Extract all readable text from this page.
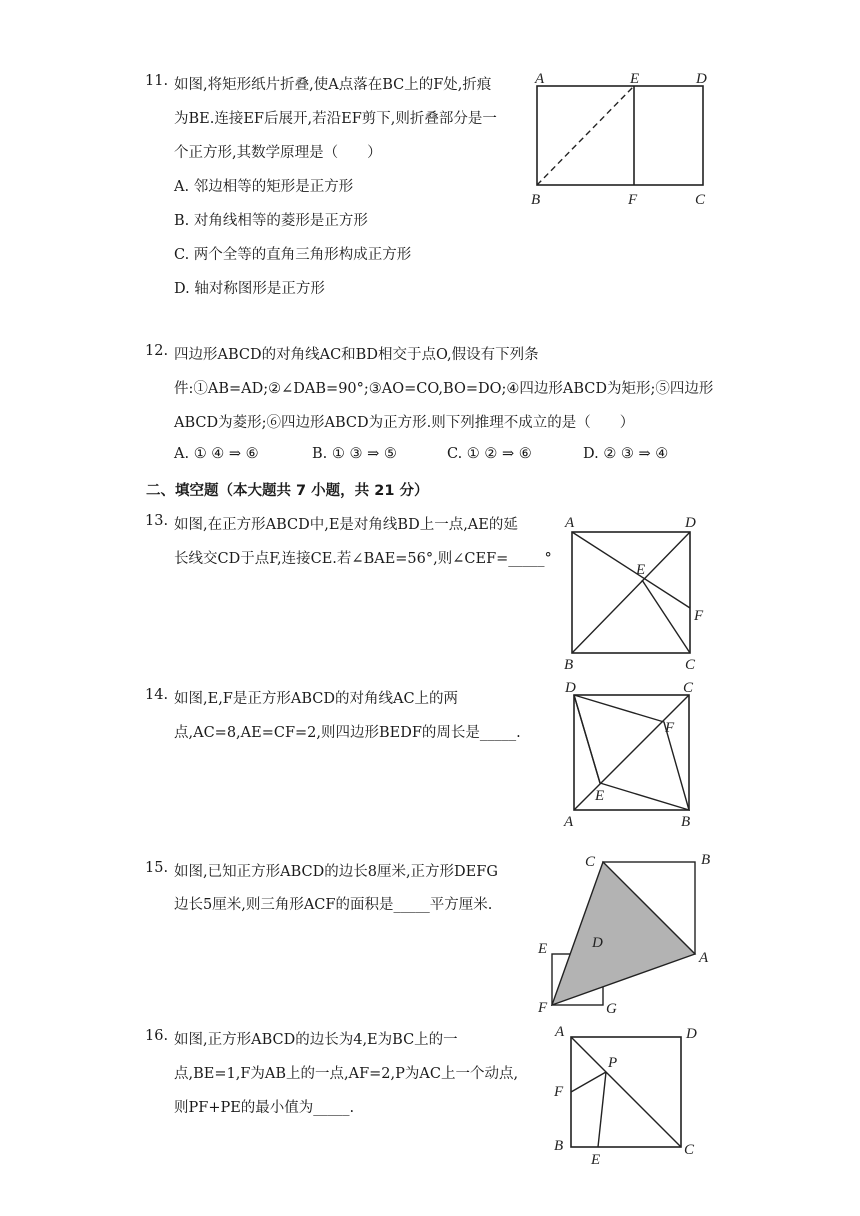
11. 如图,将矩形纸片折叠,使A点落在BC上的F处,折痕
为BE.连接EF后展开,若沿EF剪下,则折叠部分是一
个正方形,其数学原理是（　　）
A. 邻边相等的矩形是正方形
B. 对角线相等的菱形是正方形
C. 两个全等的直角三角形构成正方形
D. 轴对称图形是正方形
A	E	D
B	F	C
12. 四边形ABCD的对角线AC和BD相交于点O,假设有下列条
件:①AB=AD;②∠DAB=90°;③AO=CO,BO=DO;④四边形ABCD为矩形;⑤四边形
ABCD为菱形;⑥四边形ABCD为正方形.则下列推理不成立的是（　　）
A. ① ④ ⇒ ⑥	B. ① ③ ⇒ ⑤	C. ① ② ⇒ ⑥	D. ② ③ ⇒ ④
二、填空题（本大题共 7 小题，共 21 分）
13. 如图,在正方形ABCD中,E是对角线BD上一点,AE的延
长线交CD于点F,连接CE.若∠BAE=56°,则∠CEF=_____°
A	D
E
F
B	C
14. 如图,E,F是正方形ABCD的对角线AC上的两
点,AC=8,AE=CF=2,则四边形BEDF的周长是_____.
D	C
F
E
A	B
15. 如图,已知正方形ABCD的边长8厘米,正方形DEFG
边长5厘米,则三角形ACF的面积是_____平方厘米.
C	B
E	D
A
F	G
16. 如图,正方形ABCD的边长为4,E为BC上的一
点,BE=1,F为AB上的一点,AF=2,P为AC上一个动点,
则PF+PE的最小值为_____.
A	D
P
F
B
E
C
